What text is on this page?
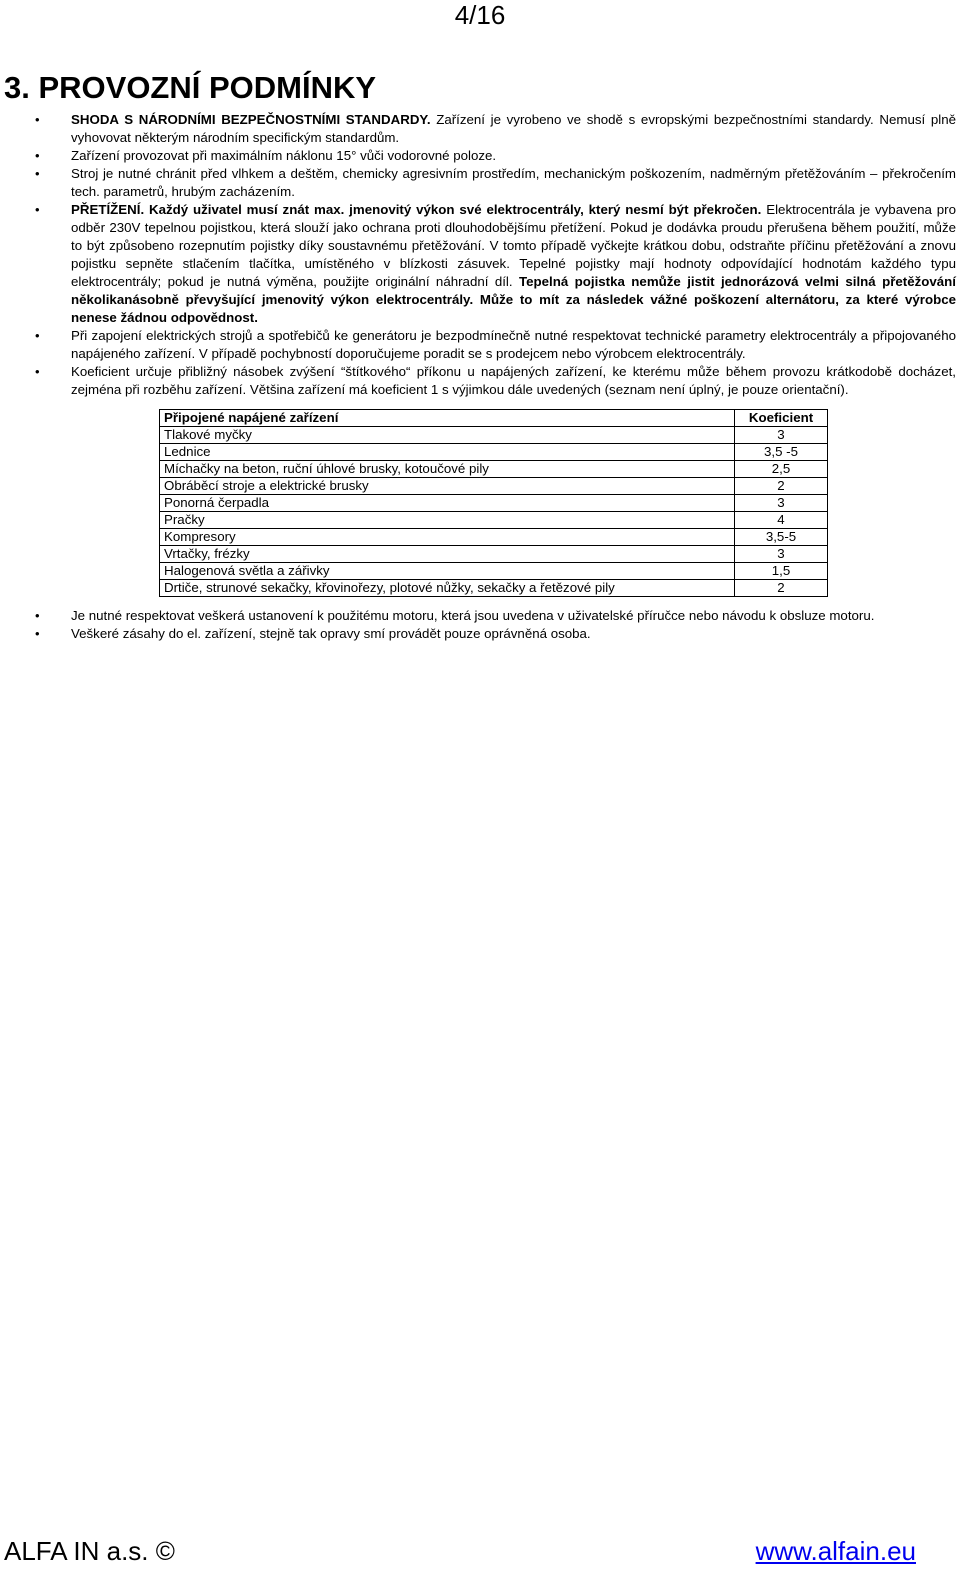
4/16
3. PROVOZNÍ PODMÍNKY
• SHODA S NÁRODNÍMI BEZPEČNOSTNÍMI STANDARDY. Zařízení je vyrobeno ve shodě s evropskými bezpečnostními standardy. Nemusí plně vyhovovat některým národním specifickým standardům.
• Zařízení provozovat při maximálním náklonu 15° vůči vodorovné poloze.
• Stroj je nutné chránit před vlhkem a deštěm, chemicky agresivním prostředím, mechanickým poškozením, nadměrným přetěžováním – překročením tech. parametrů, hrubým zacházením.
• PŘETÍŽENÍ. Každý uživatel musí znát max. jmenovitý výkon své elektrocentrály, který nesmí být překročen. Elektrocentrála je vybavena pro odběr 230V tepelnou pojistkou, která slouží jako ochrana proti dlouhodobějšímu přetížení. Pokud je dodávka proudu přerušena během použití, může to být způsobeno rozepnutím pojistky díky soustavnému přetěžování. V tomto případě vyčkejte krátkou dobu, odstraňte příčinu přetěžování a znovu pojistku sepněte stlačením tlačítka, umístěného v blízkosti zásuvek. Tepelné pojistky mají hodnoty odpovídající hodnotám každého typu elektrocentrály; pokud je nutná výměna, použijte originální náhradní díl. Tepelná pojistka nemůže jistit jednorázová velmi silná přetěžování několikanásobně převyšující jmenovitý výkon elektrocentrály. Může to mít za následek vážné poškození alternátoru, za které výrobce nenese žádnou odpovědnost.
• Při zapojení elektrických strojů a spotřebičů ke generátoru je bezpodmínečně nutné respektovat technické parametry elektrocentrály a připojovaného napájeného zařízení. V případě pochybností doporučujeme poradit se s prodejcem nebo výrobcem elektrocentrály.
• Koeficient určuje přibližný násobek zvýšení “štítkového“ příkonu u napájených zařízení, ke kterému může během provozu krátkodobě docházet, zejména při rozběhu zařízení. Většina zařízení má koeficient 1 s výjimkou dále uvedených (seznam není úplný, je pouze orientační).
Připojené napájené zařízení	Koeficient
Tlakové myčky	3
Lednice	3,5 -5
Míchačky na beton, ruční úhlové brusky, kotoučové pily	2,5
Obráběcí stroje a elektrické brusky	2
Ponorná čerpadla	3
Pračky	4
Kompresory	3,5-5
Vrtačky, frézky	3
Halogenová světla a zářivky	1,5
Drtiče, strunové sekačky, křovinořezy, plotové nůžky, sekačky a řetězové pily	2
• Je nutné respektovat veškerá ustanovení k použitému motoru, která jsou uvedena v uživatelské příručce nebo návodu k obsluze motoru.
• Veškeré zásahy do el. zařízení, stejně tak opravy smí provádět pouze oprávněná osoba.
ALFA IN a.s. ©	www.alfain.eu
